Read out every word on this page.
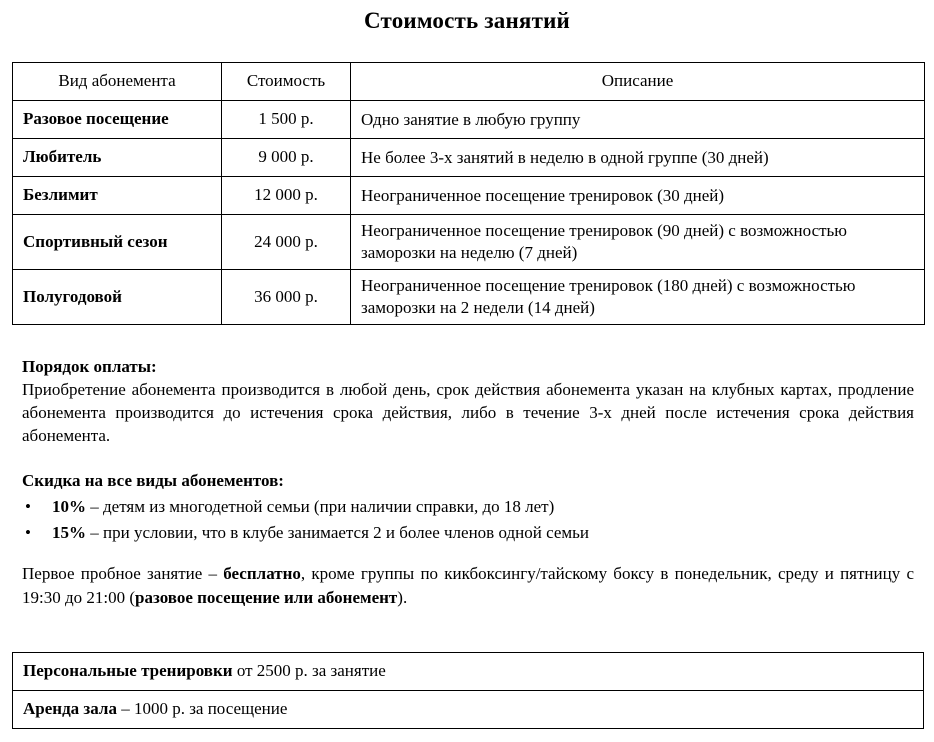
Стоимость занятий
Вид абонемента	Стоимость	Описание
Разовое посещение	1 500 р.	Одно занятие в любую группу
Любитель	9 000 р.	Не более 3-х занятий в неделю в одной группе (30 дней)
Безлимит	12 000 р.	Неограниченное посещение тренировок (30 дней)
Спортивный сезон	24 000 р.	Неограниченное посещение тренировок (90 дней) с возможностью заморозки на неделю (7 дней)
Полугодовой	36 000 р.	Неограниченное посещение тренировок (180 дней) с возможностью заморозки на 2 недели (14 дней)
Порядок оплаты:
Приобретение абонемента производится в любой день, срок действия абонемента указан на клубных картах, продление абонемента производится до истечения срока действия, либо в течение 3-х дней после истечения срока действия абонемента.
Скидка на все виды абонементов:
• 10% – детям из многодетной семьи (при наличии справки, до 18 лет)
• 15% – при условии, что в клубе занимается 2 и более членов одной семьи
Первое пробное занятие – бесплатно, кроме группы по кикбоксингу/тайскому боксу в понедельник, среду и пятницу с 19:30 до 21:00 (разовое посещение или абонемент).
Персональные тренировки от 2500 р. за занятие
Аренда зала – 1000 р. за посещение
